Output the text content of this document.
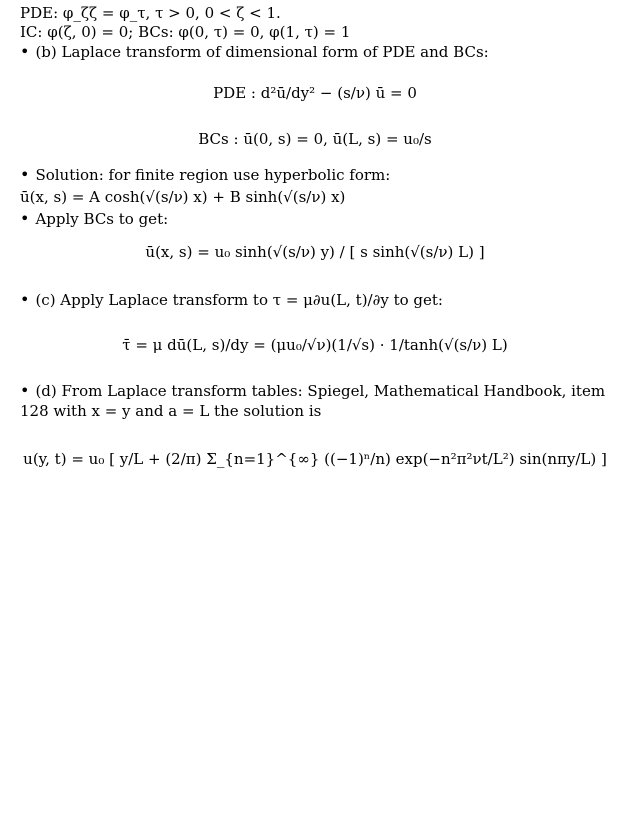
PDE: φ_ζζ = φ_τ, τ > 0, 0 < ζ < 1.
IC: φ(ζ, 0) = 0; BCs: φ(0, τ) = 0, φ(1, τ) = 1
• (b) Laplace transform of dimensional form of PDE and BCs:
PDE : d²ū/dy² − (s/ν) ū = 0
BCs : ū(0, s) = 0, ū(L, s) = u₀/s
• Solution: for finite region use hyperbolic form:
ū(x, s) = A cosh(√(s/ν) x) + B sinh(√(s/ν) x)
• Apply BCs to get:
ū(x, s) = u₀ sinh(√(s/ν) y) / [ s sinh(√(s/ν) L) ]
• (c) Apply Laplace transform to τ = μ∂u(L, t)/∂y to get:
τ̄ = μ dū(L, s)/dy = (μu₀/√ν)(1/√s) · 1/tanh(√(s/ν) L)
• (d) From Laplace transform tables: Spiegel, Mathematical Handbook, item
128 with x = y and a = L the solution is
u(y, t) = u₀ [ y/L + (2/π) Σ_{n=1}^{∞} ((−1)ⁿ/n) exp(−n²π²νt/L²) sin(nπy/L) ]
